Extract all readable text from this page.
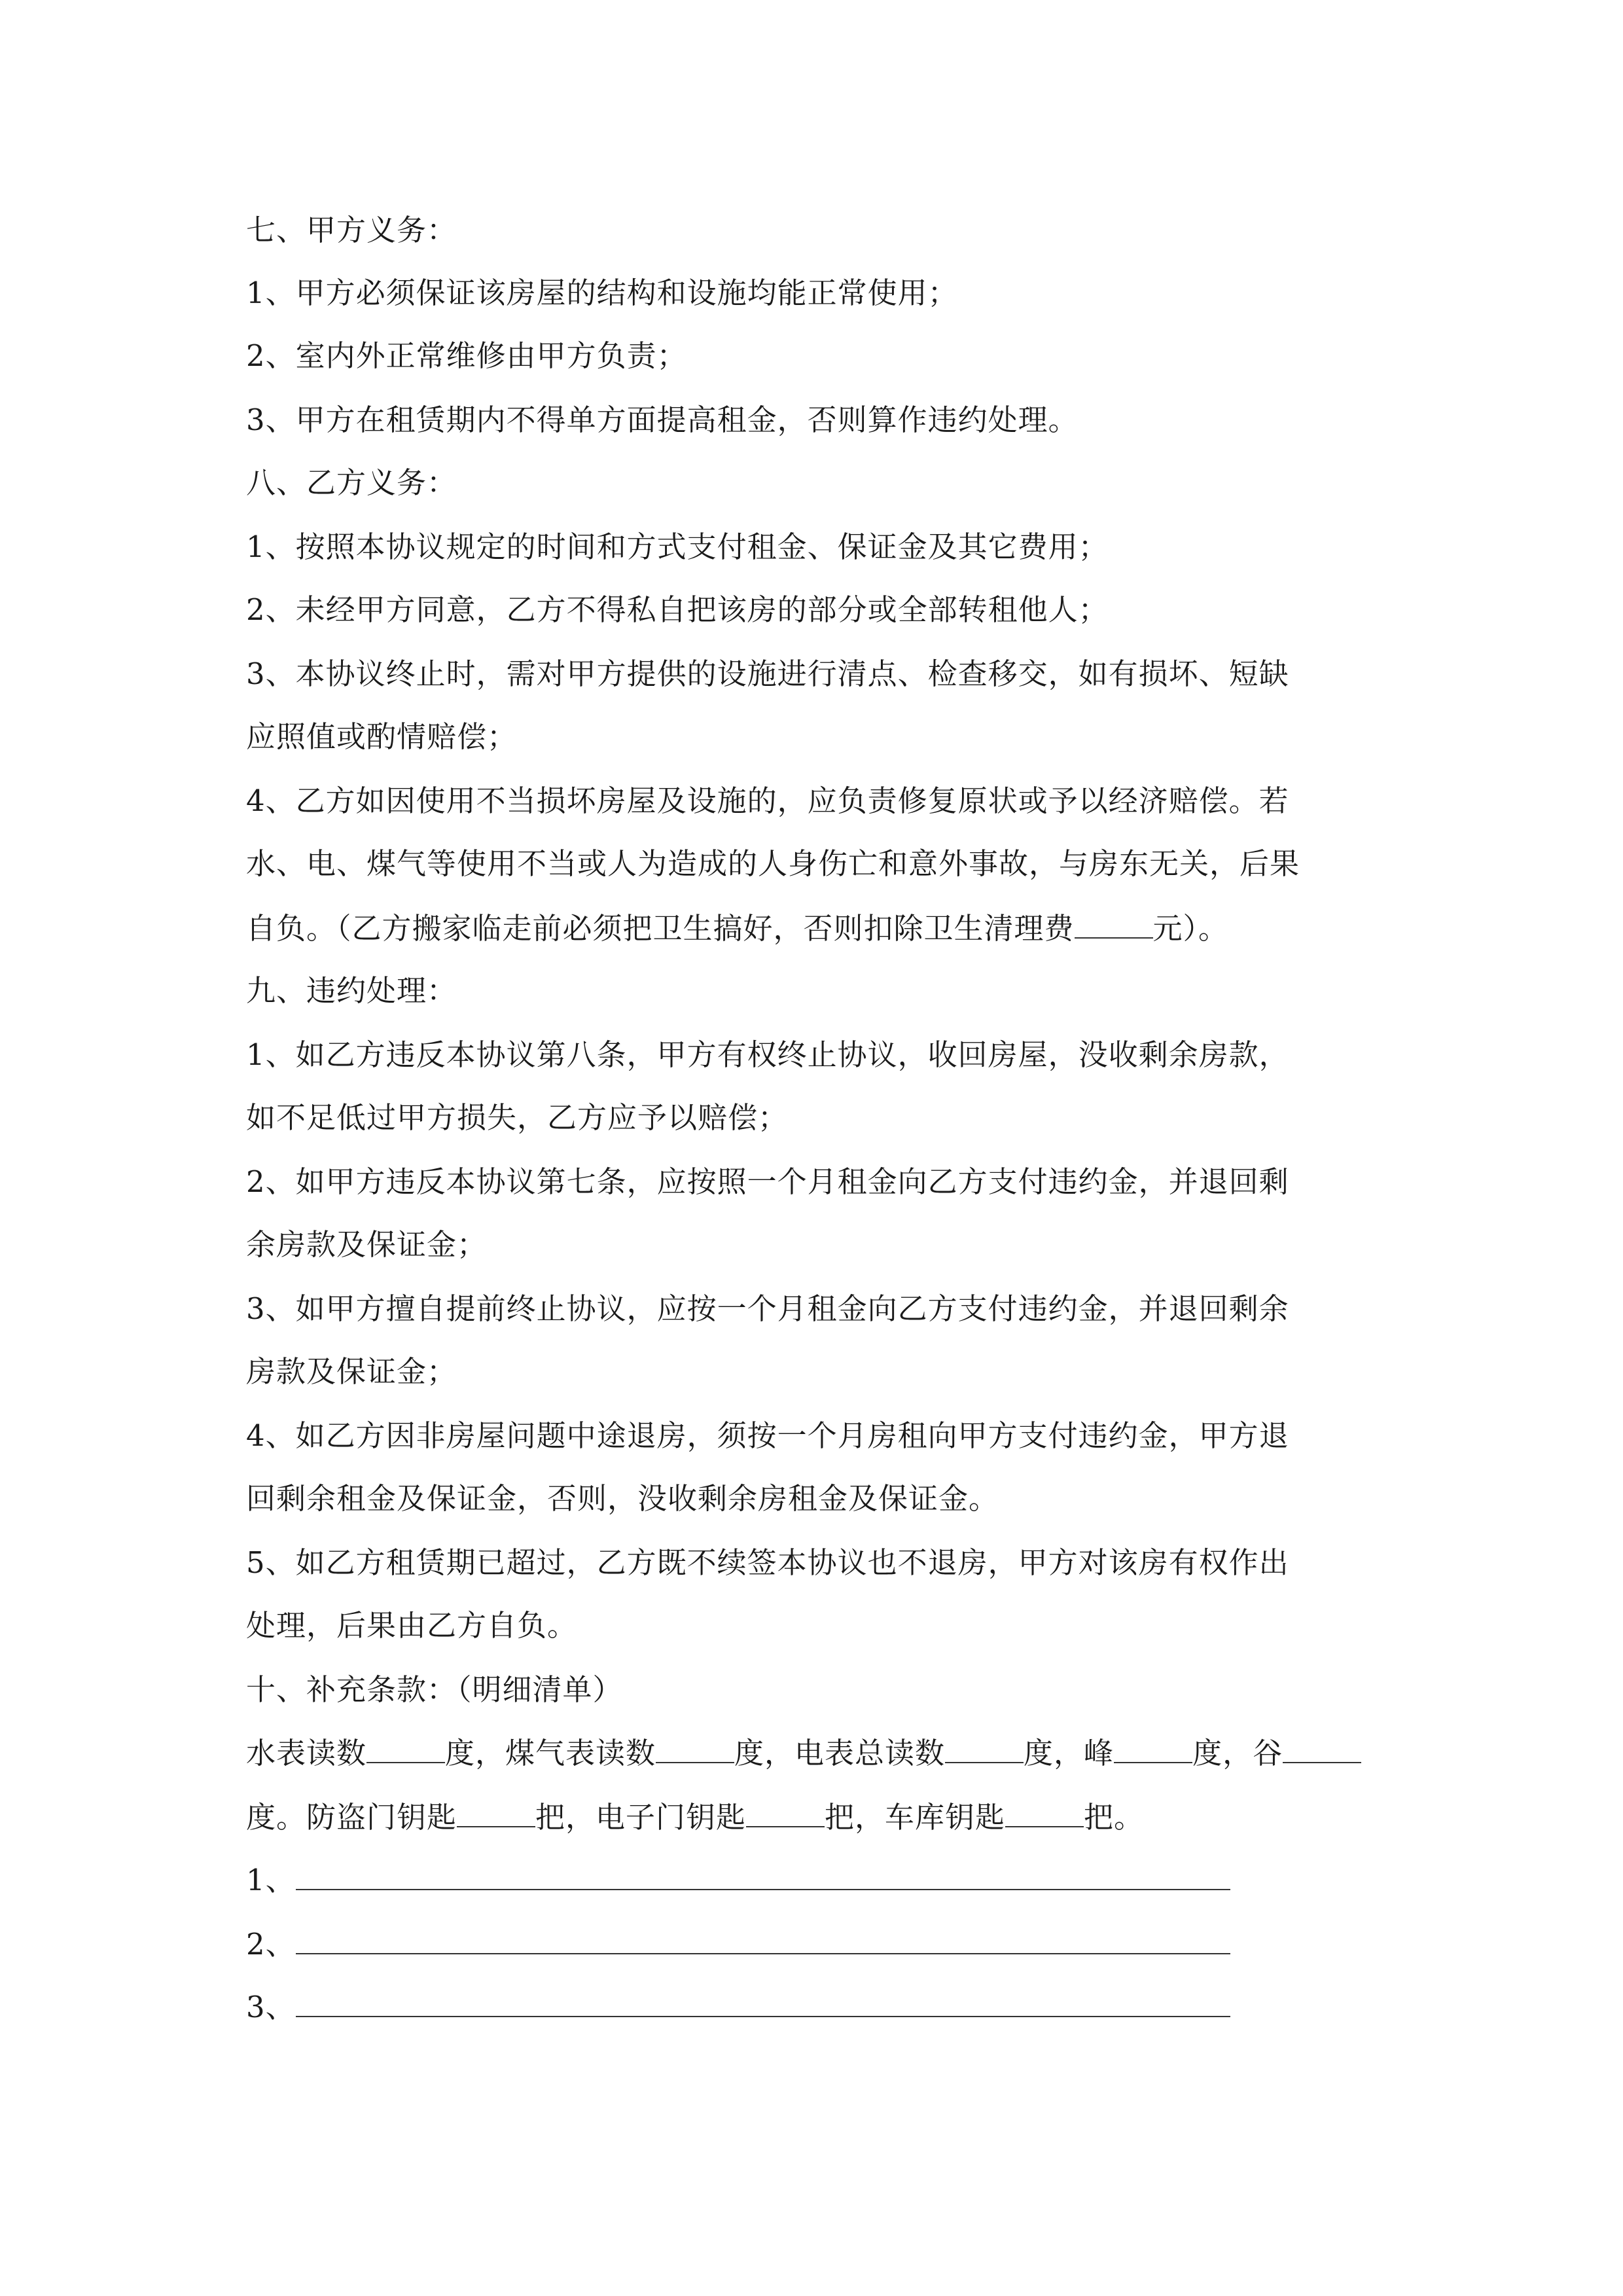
七、甲方义务：
1、甲方必须保证该房屋的结构和设施均能正常使用；
2、室内外正常维修由甲方负责；
3、甲方在租赁期内不得单方面提高租金，否则算作违约处理。
八、乙方义务：
1、按照本协议规定的时间和方式支付租金、保证金及其它费用；
2、未经甲方同意，乙方不得私自把该房的部分或全部转租他人；
3、本协议终止时，需对甲方提供的设施进行清点、检查移交，如有损坏、短缺
应照值或酌情赔偿；
4、乙方如因使用不当损坏房屋及设施的，应负责修复原状或予以经济赔偿。若
水、电、煤气等使用不当或人为造成的人身伤亡和意外事故，与房东无关，后果
自负。（乙方搬家临走前必须把卫生搞好，否则扣除卫生清理费	元）。
九、违约处理：
1、如乙方违反本协议第八条，甲方有权终止协议，收回房屋，没收剩余房款，
如不足低过甲方损失，乙方应予以赔偿；
2、如甲方违反本协议第七条，应按照一个月租金向乙方支付违约金，并退回剩
余房款及保证金；
3、如甲方擅自提前终止协议，应按一个月租金向乙方支付违约金，并退回剩余
房款及保证金；
4、如乙方因非房屋问题中途退房，须按一个月房租向甲方支付违约金，甲方退
回剩余租金及保证金，否则，没收剩余房租金及保证金。
5、如乙方租赁期已超过，乙方既不续签本协议也不退房，甲方对该房有权作出
处理，后果由乙方自负。
十、补充条款：（明细清单）
水表读数	度，煤气表读数	度，电表总读数	度，峰	度，谷
度。防盗门钥匙	把，电子门钥匙	把，车库钥匙	把。
1、
2、
3、
